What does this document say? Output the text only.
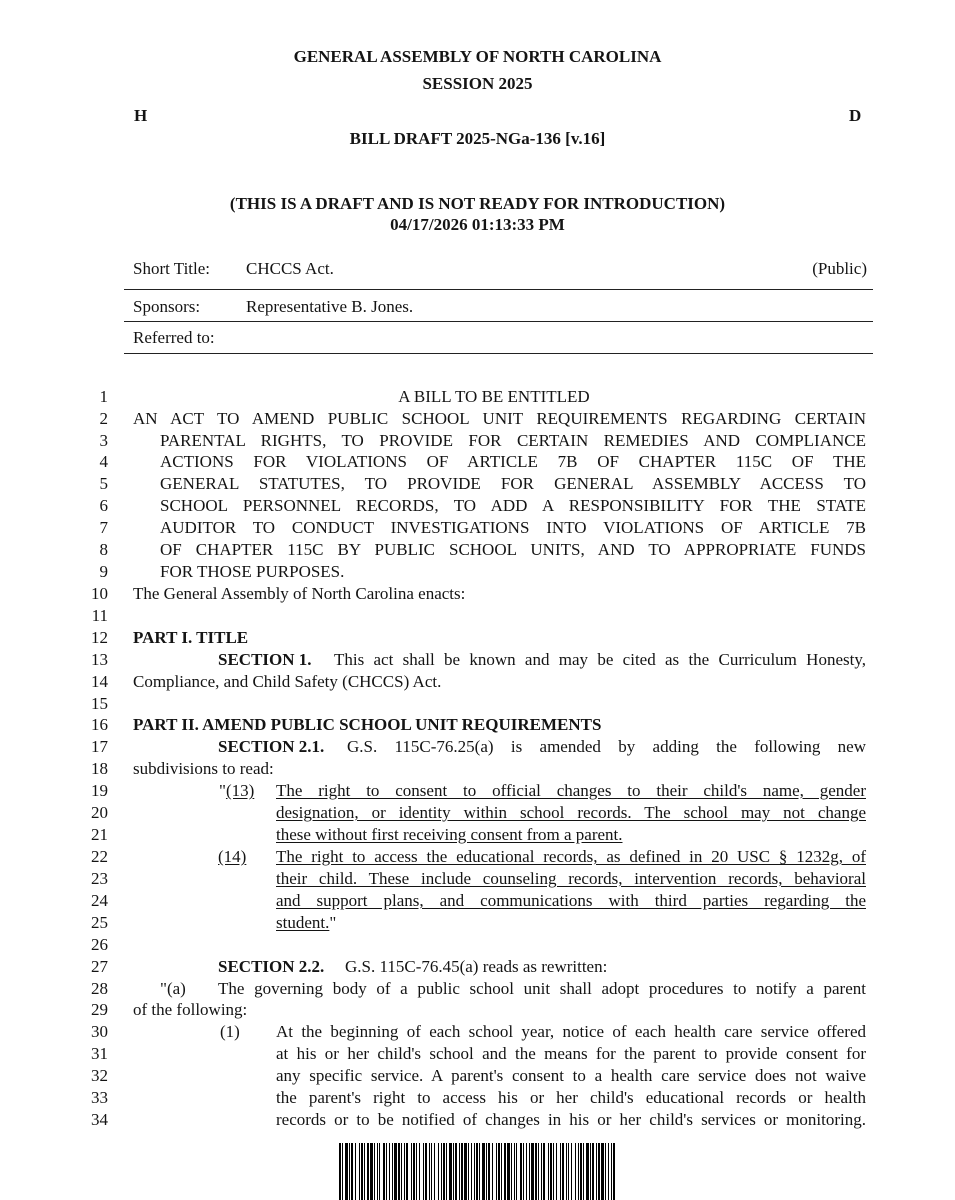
GENERAL ASSEMBLY OF NORTH CAROLINA
SESSION 2025
H	D
BILL DRAFT 2025-NGa-136 [v.16]
(THIS IS A DRAFT AND IS NOT READY FOR INTRODUCTION)
04/17/2026 01:13:33 PM
Short Title: CHCCS Act.	(Public)
Sponsors:	Representative B. Jones.
Referred to:
1
2
3
4
5
6
7
8
9
10
11
12
13
14
15
16
17
18
19
20
21
22
23
24
25
26
27
28
29
30
31
32
33
34
A BILL TO BE ENTITLED
AN ACT TO AMEND PUBLIC SCHOOL UNIT REQUIREMENTS REGARDING CERTAIN
PARENTAL RIGHTS, TO PROVIDE FOR CERTAIN REMEDIES AND COMPLIANCE
ACTIONS FOR VIOLATIONS OF ARTICLE 7B OF CHAPTER 115C OF THE
GENERAL STATUTES, TO PROVIDE FOR GENERAL ASSEMBLY ACCESS TO
SCHOOL PERSONNEL RECORDS, TO ADD A RESPONSIBILITY FOR THE STATE
AUDITOR TO CONDUCT INVESTIGATIONS INTO VIOLATIONS OF ARTICLE 7B
OF CHAPTER 115C BY PUBLIC SCHOOL UNITS, AND TO APPROPRIATE FUNDS
FOR THOSE PURPOSES.
The General Assembly of North Carolina enacts:
PART I. TITLE
SECTION 1. This act shall be known and may be cited as the Curriculum Honesty,
Compliance, and Child Safety (CHCCS) Act.
PART II. AMEND PUBLIC SCHOOL UNIT REQUIREMENTS
SECTION 2.1. G.S. 115C-76.25(a) is amended by adding the following new
subdivisions to read:
"(13) The right to consent to official changes to their child's name, gender
designation, or identity within school records. The school may not change
these without first receiving consent from a parent.
(14) The right to access the educational records, as defined in 20 USC § 1232g, of
their child. These include counseling records, intervention records, behavioral
and support plans, and communications with third parties regarding the
student."
SECTION 2.2. G.S. 115C-76.45(a) reads as rewritten:
"(a) The governing body of a public school unit shall adopt procedures to notify a parent
of the following:
(1) At the beginning of each school year, notice of each health care service offered
at his or her child's school and the means for the parent to provide consent for
any specific service. A parent's consent to a health care service does not waive
the parent's right to access his or her child's educational records or health
records or to be notified of changes in his or her child's services or monitoring.
